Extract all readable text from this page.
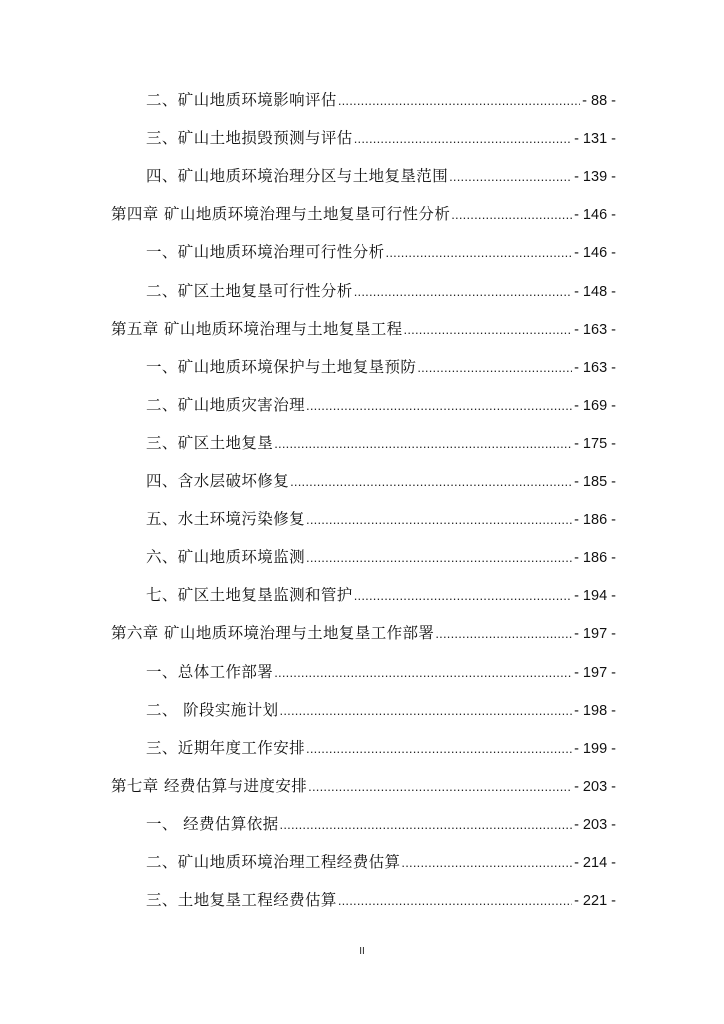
二、矿山地质环境影响评估 .....	- 88 -
三、矿山土地损毁预测与评估 .....	- 131 -
四、矿山地质环境治理分区与土地复垦范围 .....	- 139 -
第四章 矿山地质环境治理与土地复垦可行性分析 .....	- 146 -
一、矿山地质环境治理可行性分析 .....	- 146 -
二、矿区土地复垦可行性分析 .....	- 148 -
第五章 矿山地质环境治理与土地复垦工程 .....	- 163 -
一、矿山地质环境保护与土地复垦预防 .....	- 163 -
二、矿山地质灾害治理 .....	- 169 -
三、矿区土地复垦 .....	- 175 -
四、含水层破坏修复 .....	- 185 -
五、水土环境污染修复 .....	- 186 -
六、矿山地质环境监测 .....	- 186 -
七、矿区土地复垦监测和管护 .....	- 194 -
第六章 矿山地质环境治理与土地复垦工作部署 .....	- 197 -
一、总体工作部署 .....	- 197 -
二、 阶段实施计划 .....	- 198 -
三、近期年度工作安排 .....	- 199 -
第七章 经费估算与进度安排 .....	- 203 -
一、 经费估算依据 .....	- 203 -
二、矿山地质环境治理工程经费估算 .....	- 214 -
三、土地复垦工程经费估算 .....	- 221 -
II
